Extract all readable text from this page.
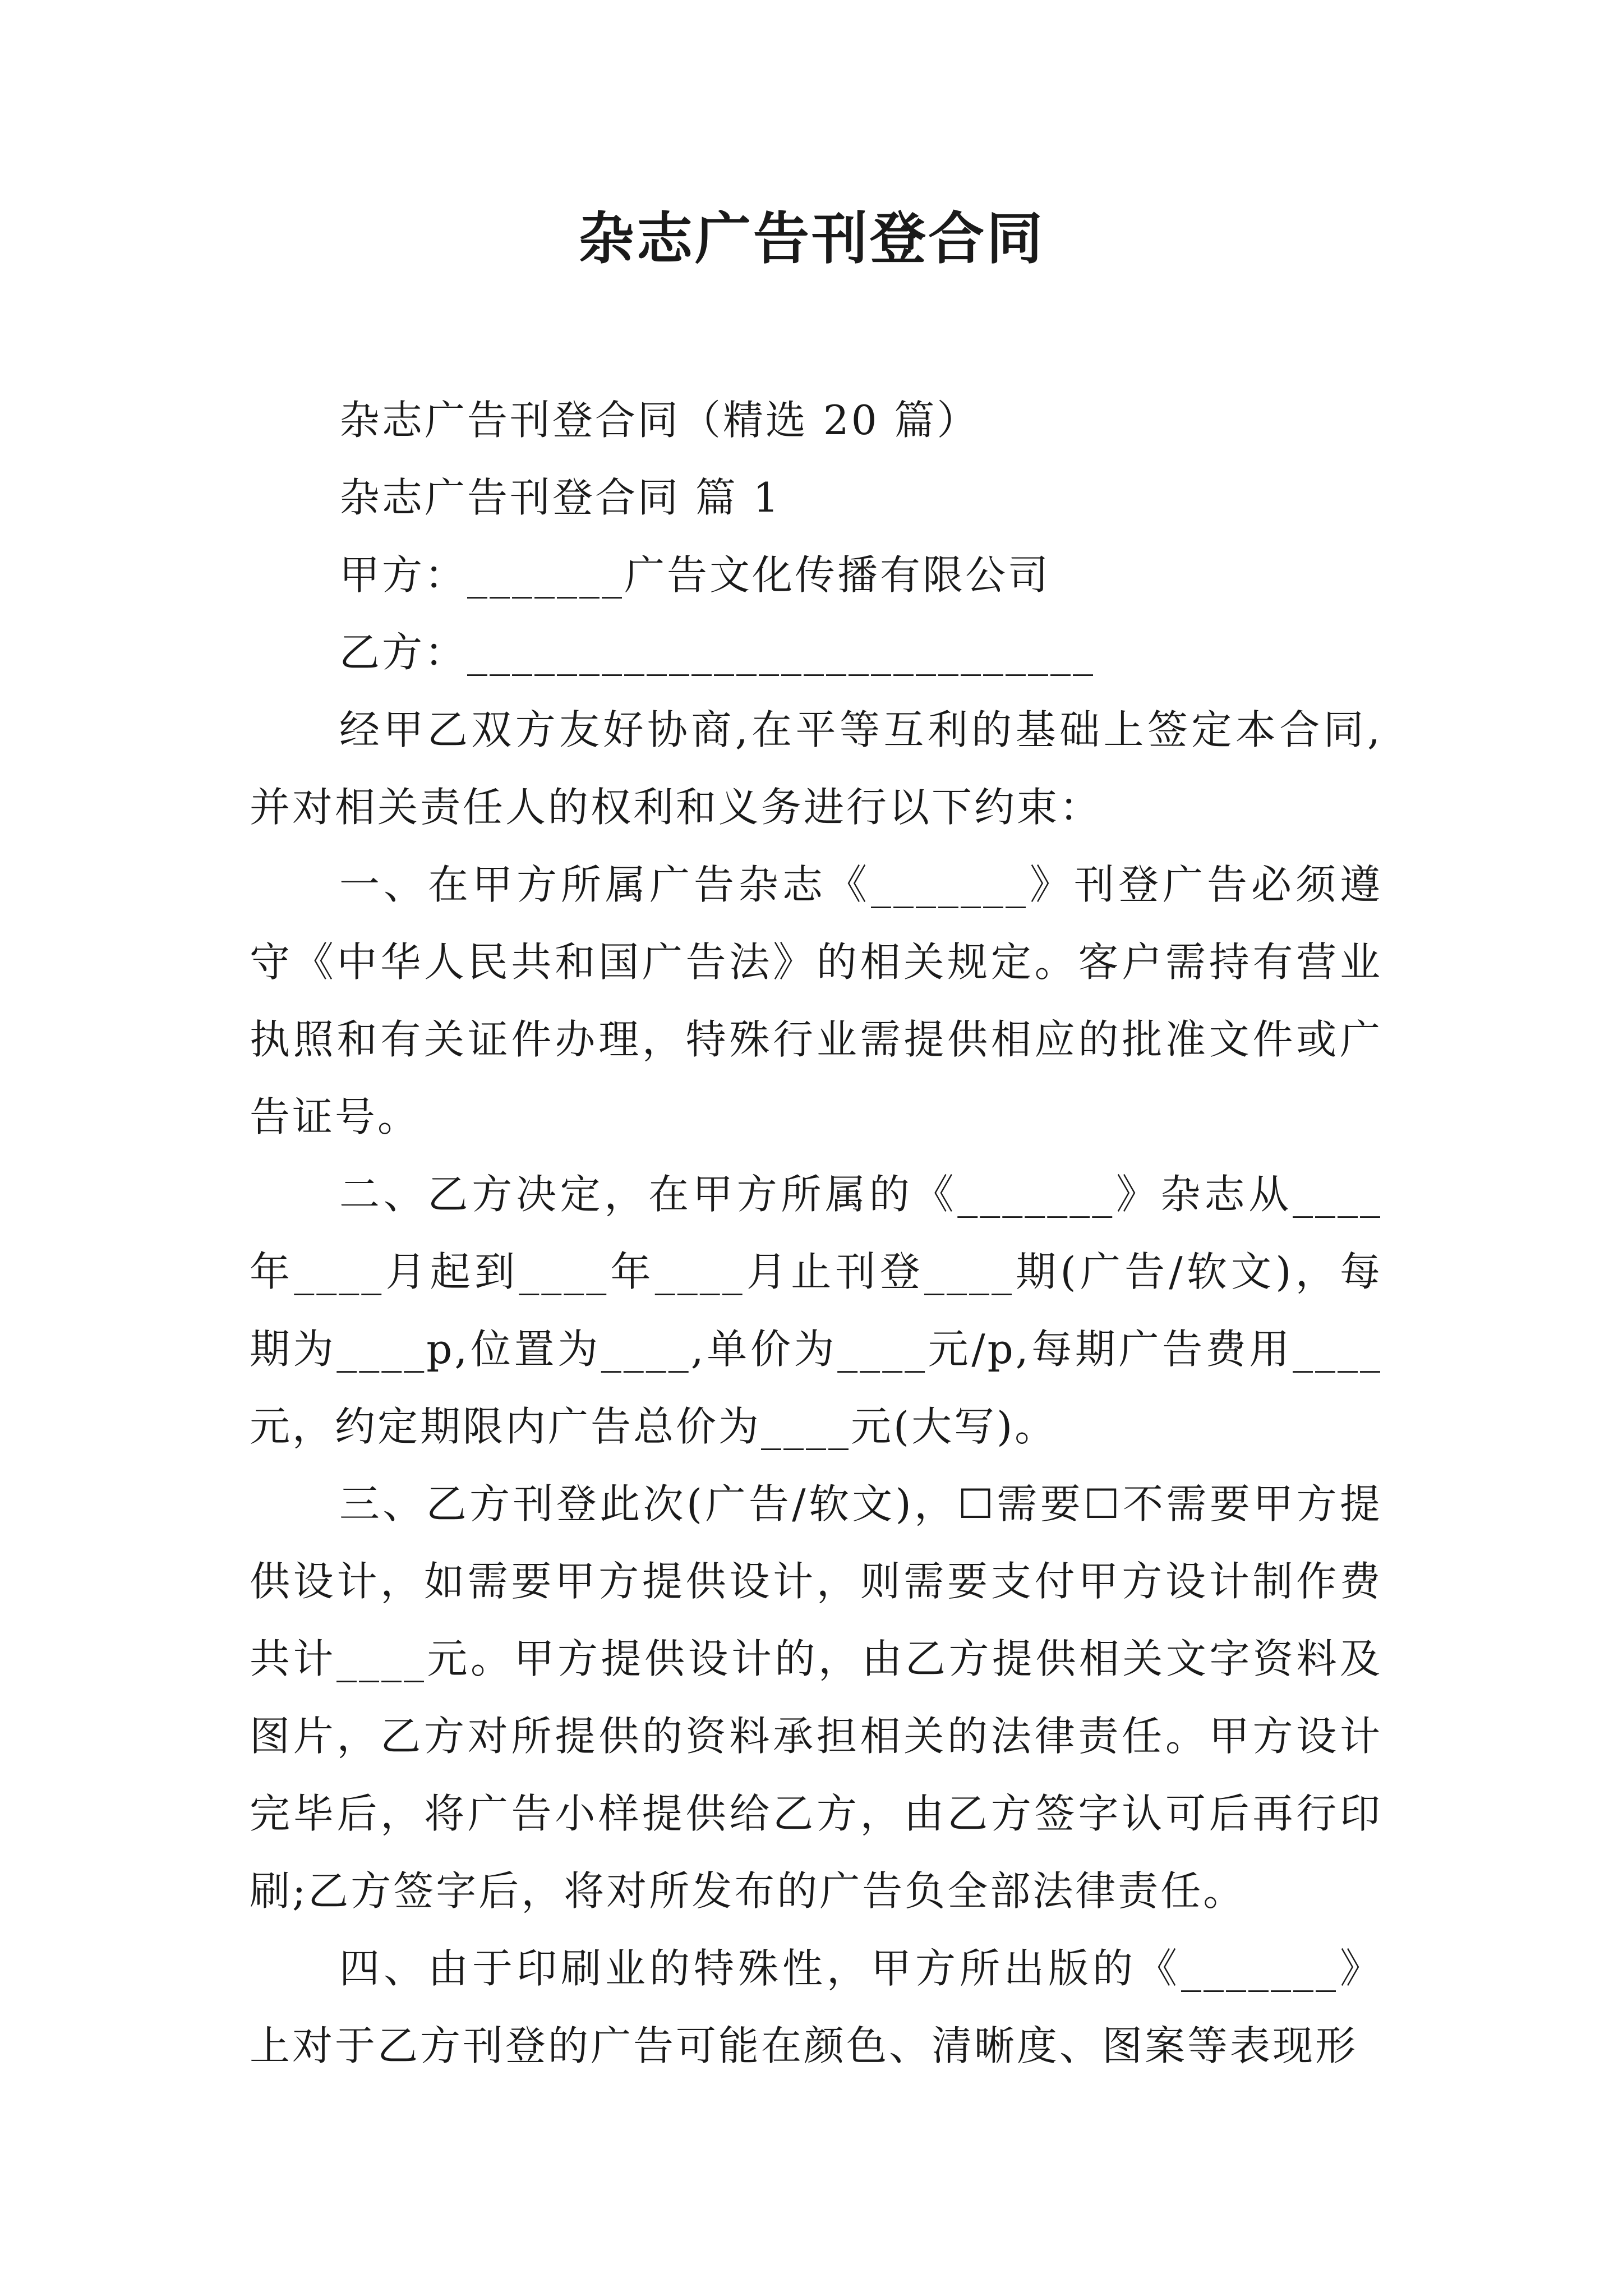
杂志广告刊登合同

杂志广告刊登合同（精选 20 篇）

杂志广告刊登合同 篇 1

甲方：_______广告文化传播有限公司

乙方：____________________________

经甲乙双方友好协商,在平等互利的基础上签定本合同,并对相关责任人的权利和义务进行以下约束：

一、在甲方所属广告杂志《_______》刊登广告必须遵守《中华人民共和国广告法》的相关规定。客户需持有营业执照和有关证件办理，特殊行业需提供相应的批准文件或广告证号。

二、乙方决定，在甲方所属的《_______》杂志从____年____月起到____年____月止刊登____期(广告/软文)，每期为____p,位置为____,单价为____元/p,每期广告费用____元，约定期限内广告总价为____元(大写)。

三、乙方刊登此次(广告/软文)，☐需要☐不需要甲方提供设计，如需要甲方提供设计，则需要支付甲方设计制作费共计____元。甲方提供设计的，由乙方提供相关文字资料及图片，乙方对所提供的资料承担相关的法律责任。甲方设计完毕后，将广告小样提供给乙方，由乙方签字认可后再行印刷;乙方签字后，将对所发布的广告负全部法律责任。

四、由于印刷业的特殊性，甲方所出版的《_______》上对于乙方刊登的广告可能在颜色、清晰度、图案等表现形
